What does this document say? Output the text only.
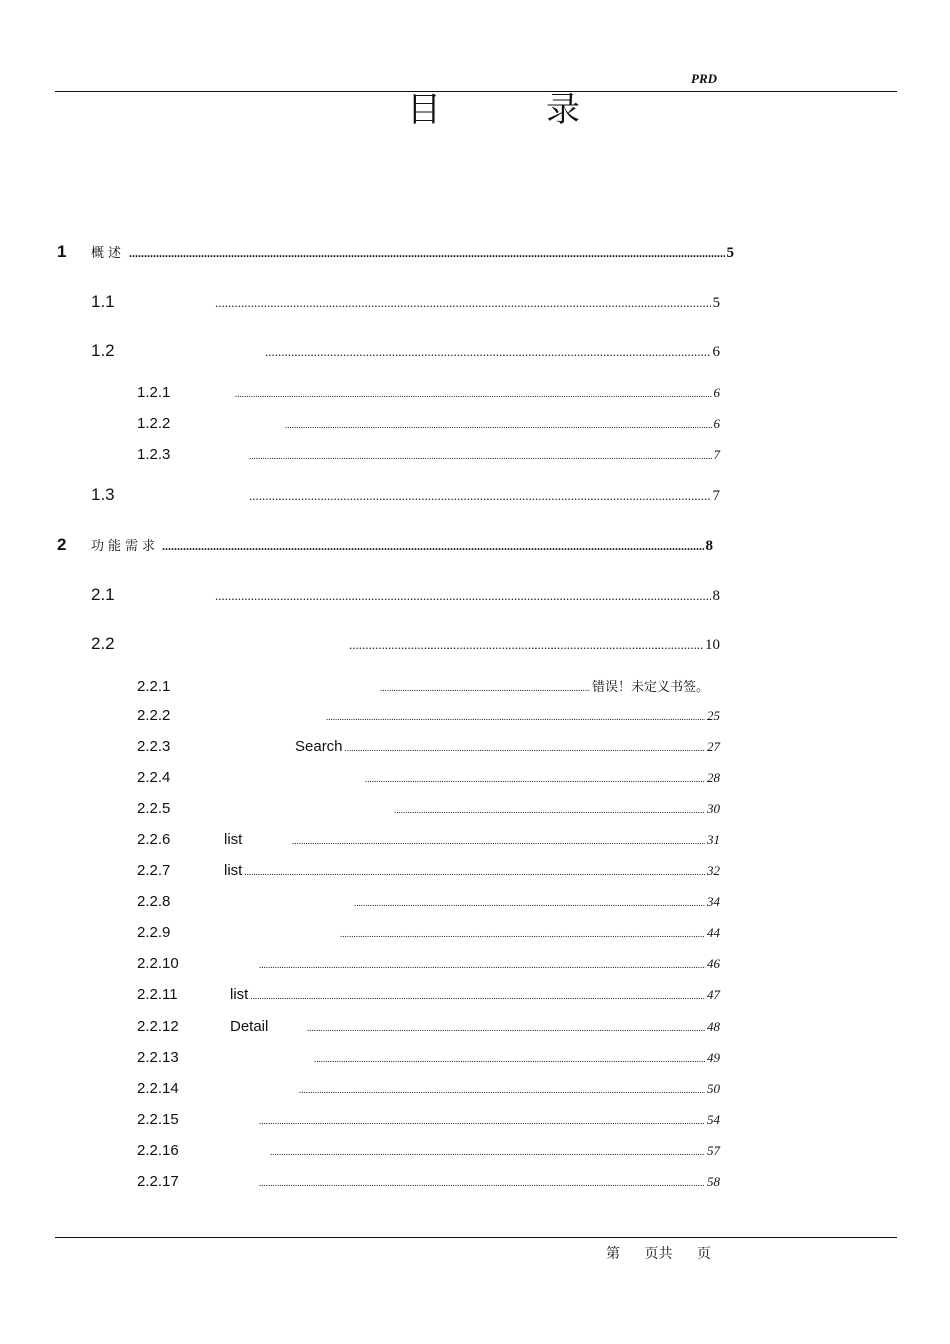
PRD
目	录
1	概述 .....	5
1.1 .....	5
1.2 .....	6
1.2.1 .....	6
1.2.2 .....	6
1.2.3 .....	7
1.3 .....	7
2	功能需求 .....	8
2.1 .....	8
2.2 .....	10
2.2.1 .....	错误！未定义书签。
2.2.2 .....	25
2.2.3	Search .....	27
2.2.4 .....	28
2.2.5 .....	30
2.2.6	list .....	31
2.2.7	list .....	32
2.2.8 .....	34
2.2.9 .....	44
2.2.10 .....	46
2.2.11	list .....	47
2.2.12	Detail .....	48
2.2.13 .....	49
2.2.14 .....	50
2.2.15 .....	54
2.2.16 .....	57
2.2.17 .....	58
第 页共 页
